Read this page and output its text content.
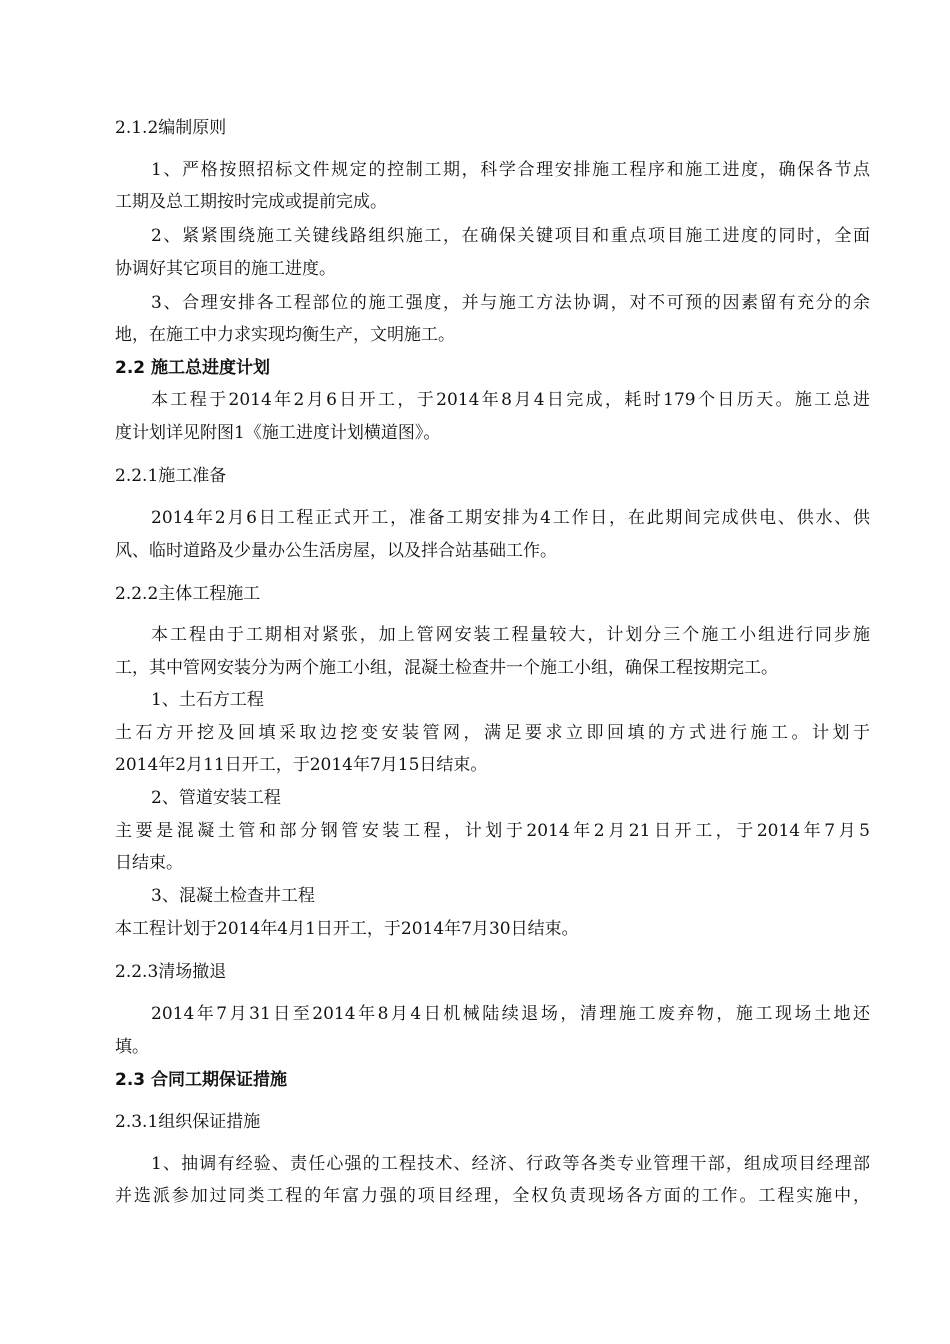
2.1.2编制原则
1、严格按照招标文件规定的控制工期，科学合理安排施工程序和施工进度，确保各节点
工期及总工期按时完成或提前完成。
2、紧紧围绕施工关键线路组织施工，在确保关键项目和重点项目施工进度的同时，全面
协调好其它项目的施工进度。
3、合理安排各工程部位的施工强度，并与施工方法协调，对不可预的因素留有充分的余
地，在施工中力求实现均衡生产，文明施工。
2.2 施工总进度计划
本工程于2014年2月6日开工，于2014年8月4日完成，耗时179个日历天。施工总进
度计划详见附图1《施工进度计划横道图》。
2.2.1施工准备
2014年2月6日工程正式开工，准备工期安排为4工作日，在此期间完成供电、供水、供
风、临时道路及少量办公生活房屋，以及拌合站基础工作。
2.2.2主体工程施工
本工程由于工期相对紧张，加上管网安装工程量较大，计划分三个施工小组进行同步施
工，其中管网安装分为两个施工小组，混凝土检查井一个施工小组，确保工程按期完工。
1、土石方工程
土石方开挖及回填采取边挖变安装管网，满足要求立即回填的方式进行施工。计划于
2014年2月11日开工，于2014年7月15日结束。
2、管道安装工程
主要是混凝土管和部分钢管安装工程，计划于2014年2月21日开工，于2014年7月5
日结束。
3、混凝土检查井工程
本工程计划于2014年4月1日开工，于2014年7月30日结束。
2.2.3清场撤退
2014年7月31日至2014年8月4日机械陆续退场，清理施工废弃物，施工现场土地还
填。
2.3 合同工期保证措施
2.3.1组织保证措施
1、抽调有经验、责任心强的工程技术、经济、行政等各类专业管理干部，组成项目经理部
并选派参加过同类工程的年富力强的项目经理，全权负责现场各方面的工作。工程实施中，
